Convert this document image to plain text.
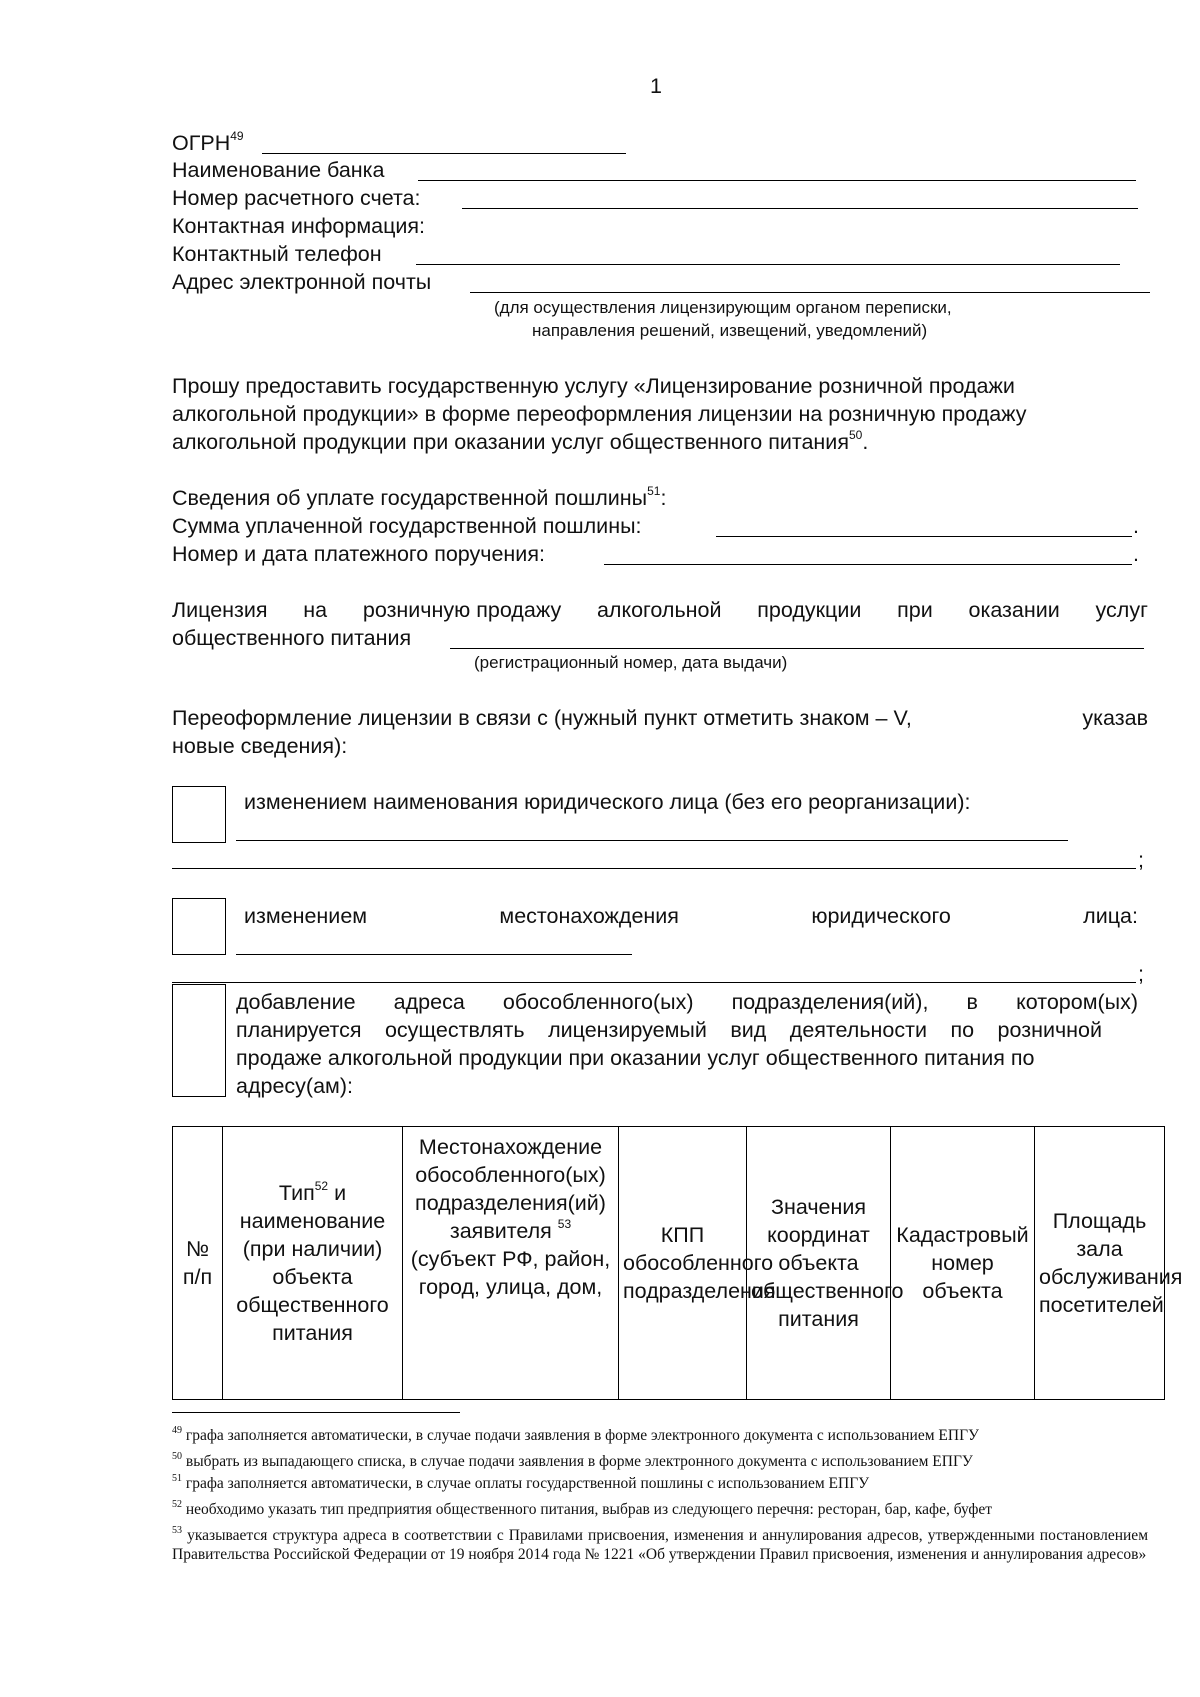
1
ОГРН$^{49}$
Наименование банка
Номер расчетного счета:
Контактная информация:
Контактный телефон
Адрес электронной почты
(для осуществления лицензирующим органом переписки,
направления решений, извещений, уведомлений)
Прошу предоставить государственную услугу «Лицензирование розничной продажи
алкогольной продукции» в форме переоформления лицензии на розничную продажу
алкогольной продукции при оказании услуг общественного питания$^{50}$.
Сведения об уплате государственной пошлины$^{51}$:
Сумма уплаченной государственной пошлины:	.
Номер и дата платежного поручения:	.
Лицензия на розничную продажу алкогольной продукции при оказании услуг
общественного питания
(регистрационный номер, дата выдачи)
Переоформление лицензии в связи с (нужный пункт отметить знаком – V,	указав
новые сведения):
изменением наименования юридического лица (без его реорганизации):
;
изменением	местонахождения	юридического	лица:
;
добавление адреса обособленного(ых) подразделения(ий), в котором(ых)
планируется осуществлять лицензируемый вид деятельности по розничной
продаже алкогольной продукции при оказании услуг общественного питания по
адресу(ам):
№ п/п	Тип$^{52}$ и наименование (при наличии) объекта общественного питания	Местонахождение обособленного(ых) подразделения(ий) заявителя $^{53}$ (субъект РФ, район, город, улица, дом,	КПП обособленного подразделения	Значения координат объекта общественного питания	Кадастровый номер объекта	Площадь зала обслуживания посетителей
$^{49}$ графа заполняется автоматически, в случае подачи заявления в форме электронного документа с использованием ЕПГУ
$^{50}$ выбрать из выпадающего списка, в случае подачи заявления в форме электронного документа с использованием ЕПГУ
$^{51}$ графа заполняется автоматически, в случае оплаты государственной пошлины с использованием ЕПГУ
$^{52}$ необходимо указать тип предприятия общественного питания, выбрав из следующего перечня: ресторан, бар, кафе, буфет
$^{53}$ указывается структура адреса в соответствии с Правилами присвоения, изменения и аннулирования адресов, утвержденными постановлением Правительства Российской Федерации от 19 ноября 2014 года № 1221 «Об утверждении Правил присвоения, изменения и аннулирования адресов»
